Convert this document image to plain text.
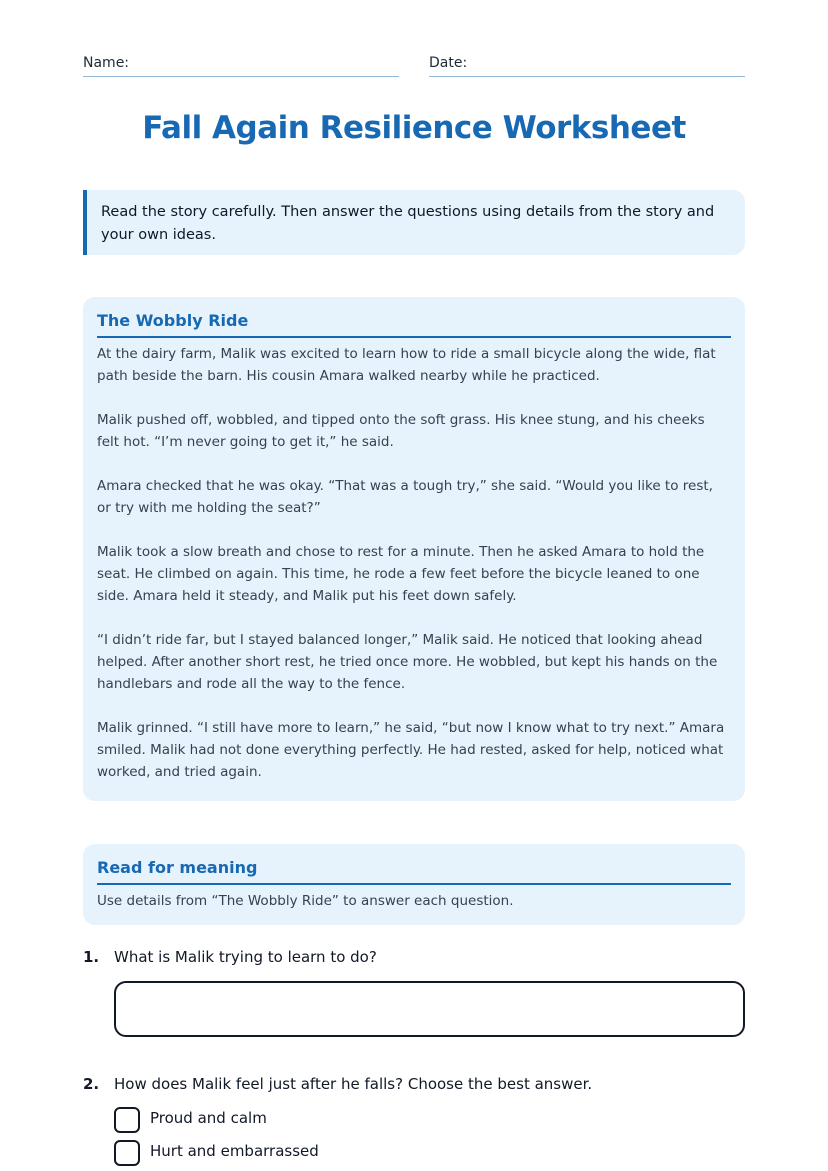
Name:	Date:
Fall Again Resilience Worksheet

Read the story carefully. Then answer the questions using details from the story and your own ideas.

The Wobbly Ride

At the dairy farm, Malik was excited to learn how to ride a small bicycle along the wide, flat path beside the barn. His cousin Amara walked nearby while he practiced.

Malik pushed off, wobbled, and tipped onto the soft grass. His knee stung, and his cheeks felt hot. “I’m never going to get it,” he said.

Amara checked that he was okay. “That was a tough try,” she said. “Would you like to rest, or try with me holding the seat?”

Malik took a slow breath and chose to rest for a minute. Then he asked Amara to hold the seat. He climbed on again. This time, he rode a few feet before the bicycle leaned to one side. Amara held it steady, and Malik put his feet down safely.

“I didn’t ride far, but I stayed balanced longer,” Malik said. He noticed that looking ahead helped. After another short rest, he tried once more. He wobbled, but kept his hands on the handlebars and rode all the way to the fence.

Malik grinned. “I still have more to learn,” he said, “but now I know what to try next.” Amara smiled. Malik had not done everything perfectly. He had rested, asked for help, noticed what worked, and tried again.

Read for meaning

Use details from “The Wobbly Ride” to answer each question.

1. What is Malik trying to learn to do?
2. How does Malik feel just after he falls? Choose the best answer.
Proud and calm
Hurt and embarrassed
